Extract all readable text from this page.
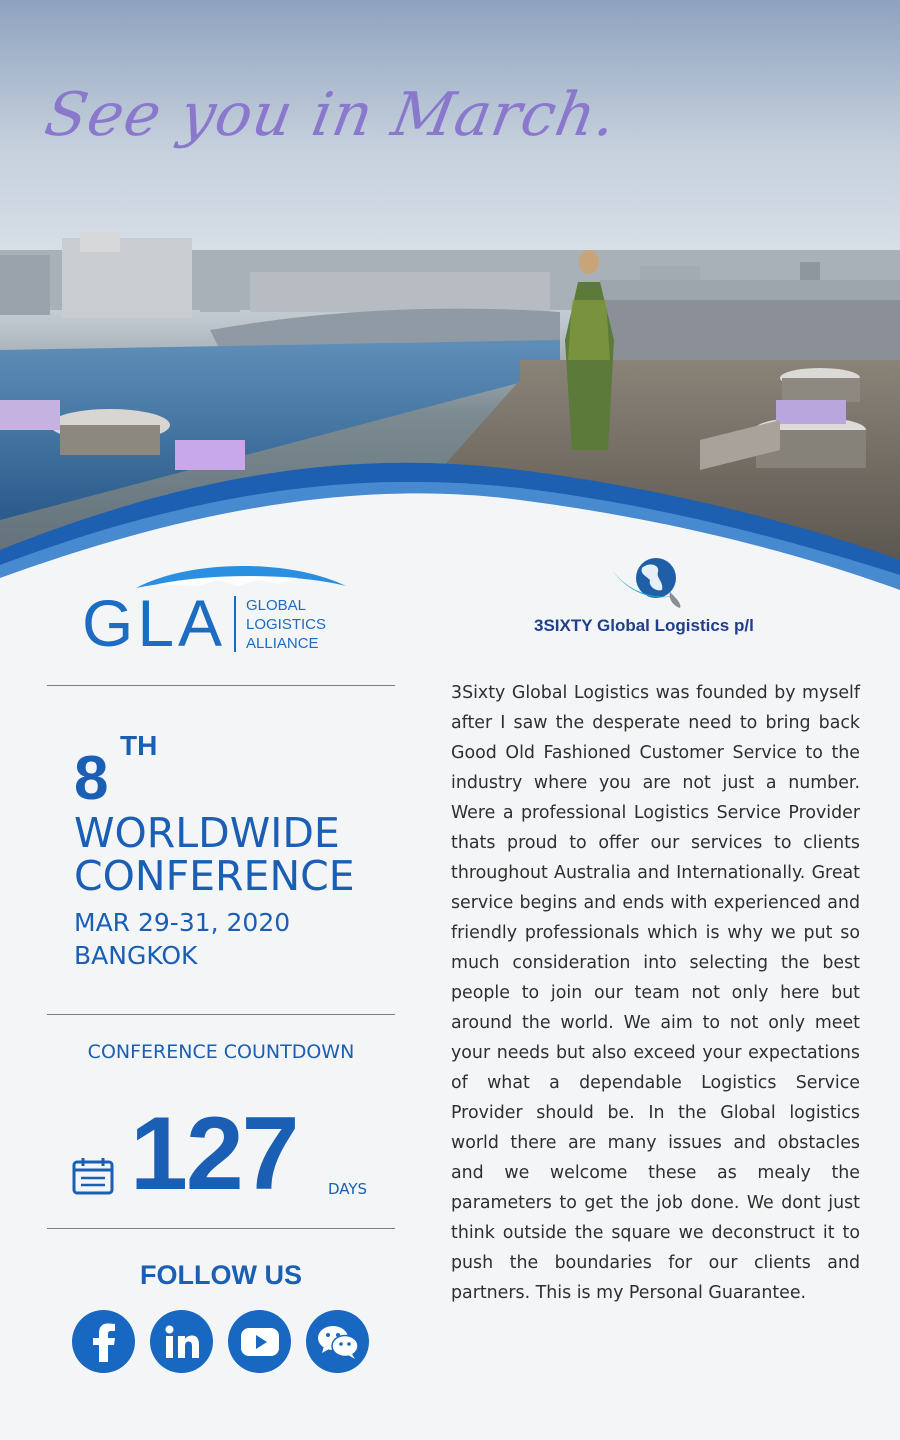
See you in March.
GLA GLOBAL
LOGISTICS
ALLIANCE
3SIXTY Global Logistics p/l
8 TH
WORLDWIDE
CONFERENCE
MAR 29-31, 2020
BANGKOK
CONFERENCE COUNTDOWN
127 DAYS
FOLLOW US
3Sixty Global Logistics was founded by myself after I saw the desperate need to bring back Good Old Fashioned Customer Service to the industry where you are not just a number. Were a professional Logistics Service Provider thats proud to offer our services to clients throughout Australia and Internationally. Great service begins and ends with experienced and friendly professionals which is why we put so much consideration into selecting the best people to join our team not only here but around the world. We aim to not only meet your needs but also exceed your expectations of what a dependable Logistics Service Provider should be. In the Global logistics world there are many issues and obstacles and we welcome these as mealy the parameters to get the job done. We dont just think outside the square we deconstruct it to push the boundaries for our clients and partners. This is my Personal Guarantee.
